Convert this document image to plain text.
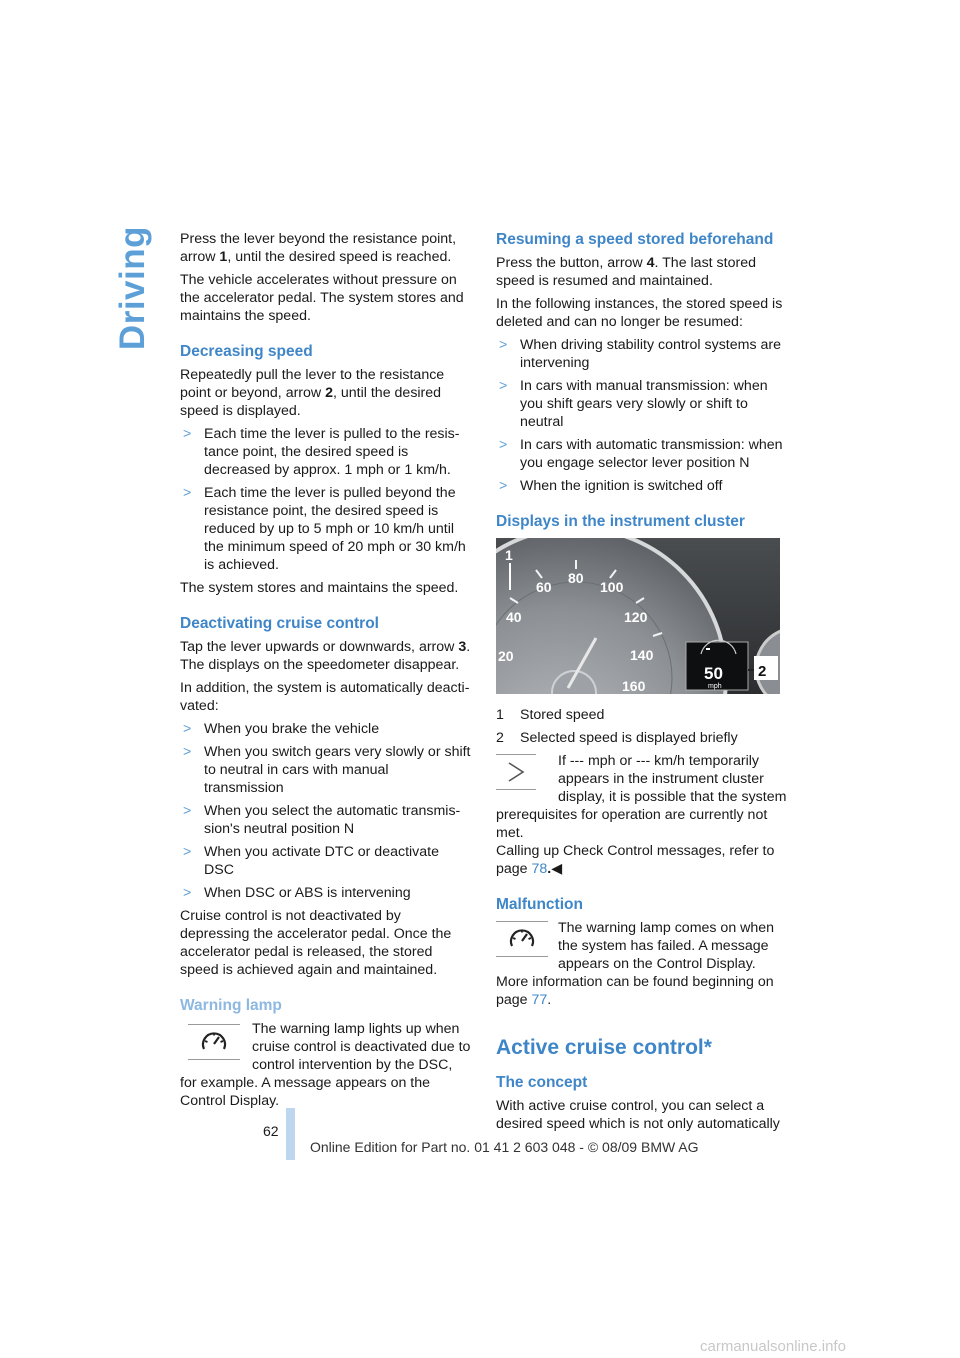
Driving Press the lever beyond the resistance point, arrow 1, until the desired speed is reached.

The vehicle accelerates without pressure on the accelerator pedal. The system stores and maintains the speed.

Decreasing speed

Repeatedly pull the lever to the resistance point or beyond, arrow 2, until the desired speed is displayed.

> Each time the lever is pulled to the resistance point, the desired speed is decreased by approx. 1 mph or 1 km/h.
> Each time the lever is pulled beyond the resistance point, the desired speed is reduced by up to 5 mph or 10 km/h until the minimum speed of 20 mph or 30 km/h is achieved.

The system stores and maintains the speed.

Deactivating cruise control

Tap the lever upwards or downwards, arrow 3. The displays on the speedometer disappear.

In addition, the system is automatically deactivated:

> When you brake the vehicle
> When you switch gears very slowly or shift to neutral in cars with manual transmission
> When you select the automatic transmission's neutral position N
> When you activate DTC or deactivate DSC
> When DSC or ABS is intervening

Cruise control is not deactivated by depressing the accelerator pedal. Once the accelerator pedal is released, the stored speed is achieved again and maintained.

Warning lamp

The warning lamp lights up when cruise control is deactivated due to control intervention by the DSC, for example. A message appears on the Control Display.

Resuming a speed stored beforehand

Press the button, arrow 4. The last stored speed is resumed and maintained.

In the following instances, the stored speed is deleted and can no longer be resumed:

> When driving stability control systems are intervening
> In cars with manual transmission: when you shift gears very slowly or shift to neutral
> In cars with automatic transmission: when you engage selector lever position N
> When the ignition is switched off
Displays in the instrument cluster
20
40
60
80
100
120
140
160
1
50
mph
2
1	Stored speed
2	Selected speed is displayed briefly

If --- mph or --- km/h temporarily appears in the instrument cluster display, it is possible that the system prerequisites for operation are currently not met.

Calling up Check Control messages, refer to page 78.◀

Malfunction

The warning lamp comes on when the system has failed. A message appears on the Control Display. More information can be found beginning on page 77.

Active cruise control*
The concept

With active cruise control, you can select a desired speed which is not only automatically

62
Online Edition for Part no. 01 41 2 603 048 - © 08/09 BMW AG
carmanualsonline.info
